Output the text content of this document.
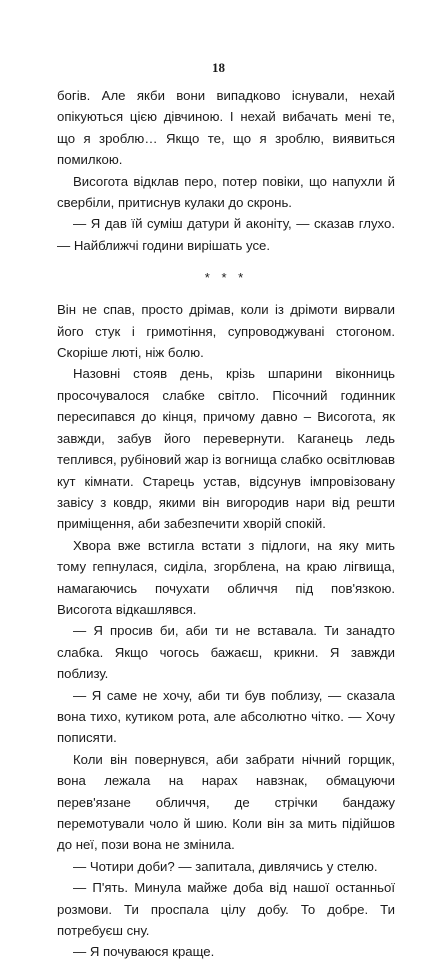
18

богів. Але якби вони випадково існували, нехай опікуються цією дівчиною. І нехай вибачать мені те, що я зроблю… Якщо те, що я зроблю, виявиться помилкою.

Висогота відклав перо, потер повіки, що напухли й свербіли, притиснув кулаки до скронь.

— Я дав їй суміш датури й аконіту, — сказав глухо. — Найближчі години вирішать усе.

* * *

Він не спав, просто дрімав, коли із дрімоти вирвали його стук і гримотіння, супроводжувані стогоном. Скоріше люті, ніж болю.

Назовні стояв день, крізь шпарини віконниць просочувалося слабке світло. Пісочний годинник пересипався до кінця, причому давно – Висогота, як завжди, забув його перевернути. Каганець ледь теплився, рубіновий жар із вогнища слабко освітлював кут кімнати. Старець устав, відсунув імпровізовану завісу з ковдр, якими він вигородив нари від решти приміщення, аби забезпечити хворій спокій.

Хвора вже встигла встати з підлоги, на яку мить тому гепнулася, сиділа, згорблена, на краю лігвища, намагаючись почухати обличчя під пов'язкою. Висогота відкашлявся.

— Я просив би, аби ти не вставала. Ти занадто слабка. Якщо чогось бажаєш, крикни. Я завжди поблизу.

— Я саме не хочу, аби ти був поблизу, — сказала вона тихо, кутиком рота, але абсолютно чітко. — Хочу пописяти.

Коли він повернувся, аби забрати нічний горщик, вона лежала на нарах навзнак, обмацуючи перев'язане обличчя, де стрічки бандажу перемотували чоло й шию. Коли він за мить підійшов до неї, пози вона не змінила.

— Чотири доби? — запитала, дивлячись у стелю.

— П'ять. Минула майже доба від нашої останньої розмови. Ти проспала цілу добу. То добре. Ти потребуєш сну.

— Я почуваюся краще.
